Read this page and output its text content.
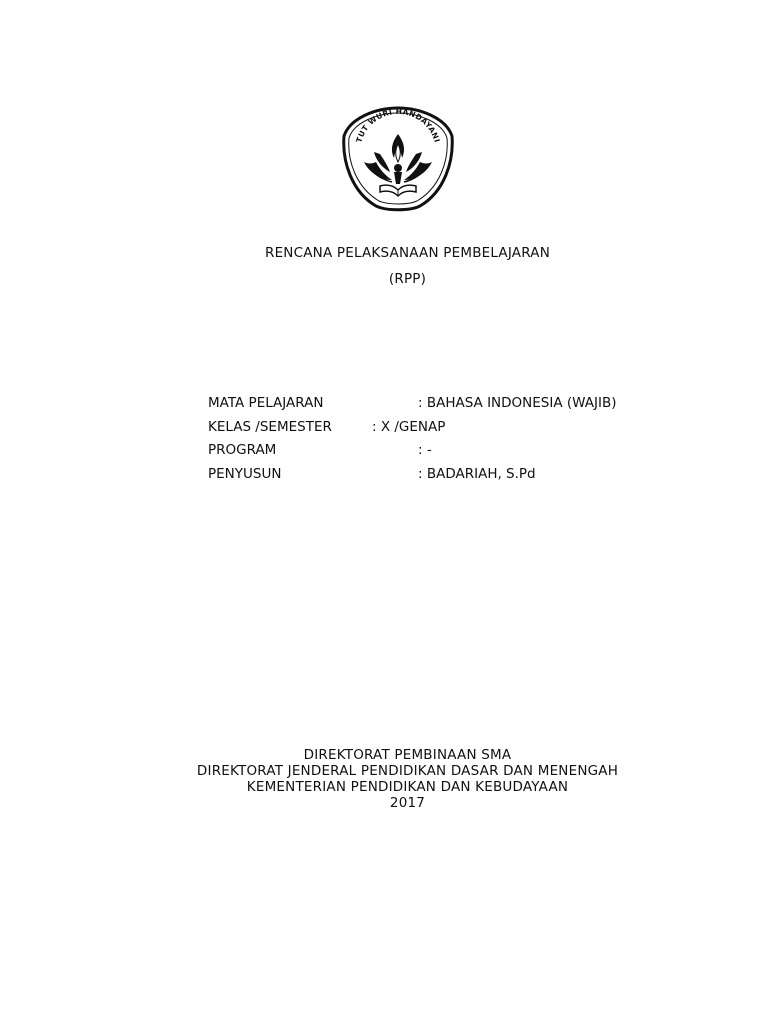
TUT WURI HANDAYANI
RENCANA PELAKSANAAN PEMBELAJARAN
(RPP)
MATA PELAJARAN	: BAHASA INDONESIA (WAJIB)
KELAS /SEMESTER	: X /GENAP
PROGRAM	: -
PENYUSUN	: BADARIAH, S.Pd
DIREKTORAT PEMBINAAN SMA
DIREKTORAT JENDERAL PENDIDIKAN DASAR DAN MENENGAH
KEMENTERIAN PENDIDIKAN DAN KEBUDAYAAN
2017
